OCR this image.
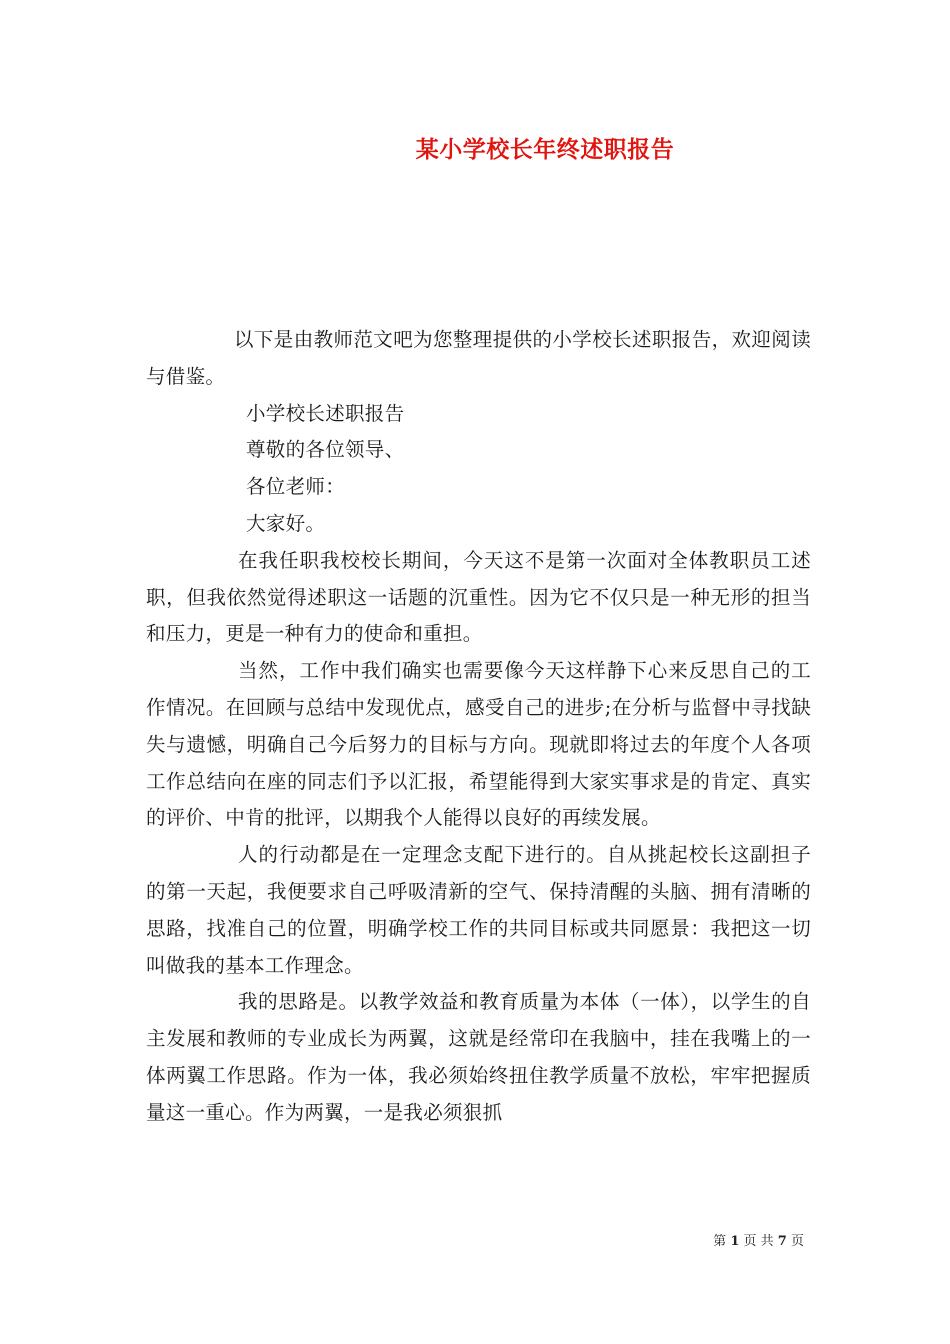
某小学校长年终述职报告

以下是由教师范文吧为您整理提供的小学校长述职报告，欢迎阅读与借鉴。

小学校长述职报告

尊敬的各位领导、

各位老师：

大家好。

在我任职我校校长期间，今天这不是第一次面对全体教职员工述职，但我依然觉得述职这一话题的沉重性。因为它不仅只是一种无形的担当和压力，更是一种有力的使命和重担。

当然，工作中我们确实也需要像今天这样静下心来反思自己的工作情况。在回顾与总结中发现优点，感受自己的进步;在分析与监督中寻找缺失与遗憾，明确自己今后努力的目标与方向。现就即将过去的年度个人各项工作总结向在座的同志们予以汇报，希望能得到大家实事求是的肯定、真实的评价、中肯的批评，以期我个人能得以良好的再续发展。

人的行动都是在一定理念支配下进行的。自从挑起校长这副担子的第一天起，我便要求自己呼吸清新的空气、保持清醒的头脑、拥有清晰的思路，找准自己的位置，明确学校工作的共同目标或共同愿景：我把这一切叫做我的基本工作理念。

我的思路是。以教学效益和教育质量为本体（一体），以学生的自主发展和教师的专业成长为两翼，这就是经常印在我脑中，挂在我嘴上的一体两翼工作思路。作为一体，我必须始终扭住教学质量不放松，牢牢把握质量这一重心。作为两翼，一是我必须狠抓

第 1 页 共 7 页
